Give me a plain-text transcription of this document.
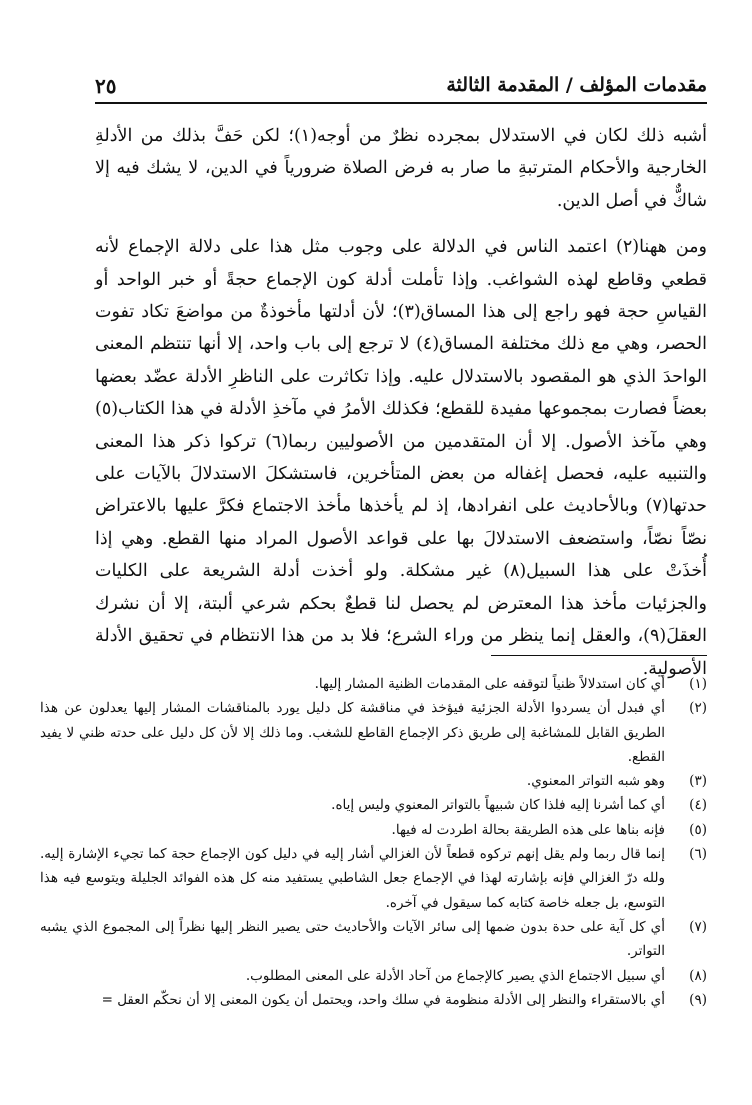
مقدمات المؤلف / المقدمة الثالثة
٢٥

أشبه ذلك لكان في الاستدلال بمجرده نظرٌ من أوجه(١)؛ لكن حَفَّ بذلك من الأدلةِ الخارجية والأحكام المترتبةِ ما صار به فرض الصلاة ضرورياً في الدين، لا يشك فيه إلا شاكٌّ في أصل الدين.

ومن ههنا(٢) اعتمد الناس في الدلالة على وجوب مثل هذا على دلالة الإجماع لأنه قطعي وقاطع لهذه الشواغب. وإذا تأملت أدلة كون الإجماع حجةً أو خبر الواحد أو القياسِ حجة فهو راجع إلى هذا المساق(٣)؛ لأن أدلتها مأخوذةٌ من مواضعَ تكاد تفوت الحصر، وهي مع ذلك مختلفة المساق(٤) لا ترجع إلى باب واحد، إلا أنها تنتظم المعنى الواحدَ الذي هو المقصود بالاستدلال عليه. وإذا تكاثرت على الناظرِ الأدلة عضّد بعضها بعضاً فصارت بمجموعها مفيدة للقطع؛ فكذلك الأمرُ في مآخذِ الأدلة في هذا الكتاب(٥) وهي مآخذ الأصول. إلا أن المتقدمين من الأصوليين ربما(٦) تركوا ذكر هذا المعنى والتنبيه عليه، فحصل إغفاله من بعض المتأخرين، فاستشكلَ الاستدلالَ بالآيات على حدتها(٧) وبالأحاديث على انفرادها، إذ لم يأخذها مأخذ الاجتماع فكرَّ عليها بالاعتراض نصّاً نصّاً، واستضعف الاستدلالَ بها على قواعد الأصول المراد منها القطع. وهي إذا أُخذَتْ على هذا السبيل(٨) غير مشكلة. ولو أخذت أدلة الشريعة على الكليات والجزئيات مأخذ هذا المعترض لم يحصل لنا قطعٌ بحكم شرعي ألبتة، إلا أن نشرك العقلَ(٩)، والعقل إنما ينظر من وراء الشرع؛ فلا بد من هذا الانتظام في تحقيق الأدلة الأصولية.

(١)
أي كان استدلالاً ظنياً لتوقفه على المقدمات الظنية المشار إليها.

(٢)
أي فبدل أن يسردوا الأدلة الجزئية فيؤخذ في مناقشة كل دليل يورد بالمناقشات المشار إليها يعدلون عن هذا الطريق القابل للمشاغبة إلى طريق ذكر الإجماع القاطع للشغب. وما ذلك إلا لأن كل دليل على حدته ظني لا يفيد القطع.

(٣)
وهو شبه التواتر المعنوي.

(٤)
أي كما أشرنا إليه فلذا كان شبيهاً بالتواتر المعنوي وليس إياه.

(٥)
فإنه بناها على هذه الطريقة بحالة اطردت له فيها.

(٦)
إنما قال ربما ولم يقل إنهم تركوه قطعاً لأن الغزالي أشار إليه في دليل كون الإجماع حجة كما تجيء الإشارة إليه. ولله درّ الغزالي فإنه بإشارته لهذا في الإجماع جعل الشاطبي يستفيد منه كل هذه الفوائد الجليلة ويتوسع فيه هذا التوسع، بل جعله خاصة كتابه كما سيقول في آخره.

(٧)
أي كل آية على حدة بدون ضمها إلى سائر الآيات والأحاديث حتى يصير النظر إليها نظراً إلى المجموع الذي يشبه التواتر.

(٨)
أي سبيل الاجتماع الذي يصير كالإجماع من آحاد الأدلة على المعنى المطلوب.

(٩)
أي بالاستقراء والنظر إلى الأدلة منظومة في سلك واحد، ويحتمل أن يكون المعنى إلا أن نحكّم العقل =
